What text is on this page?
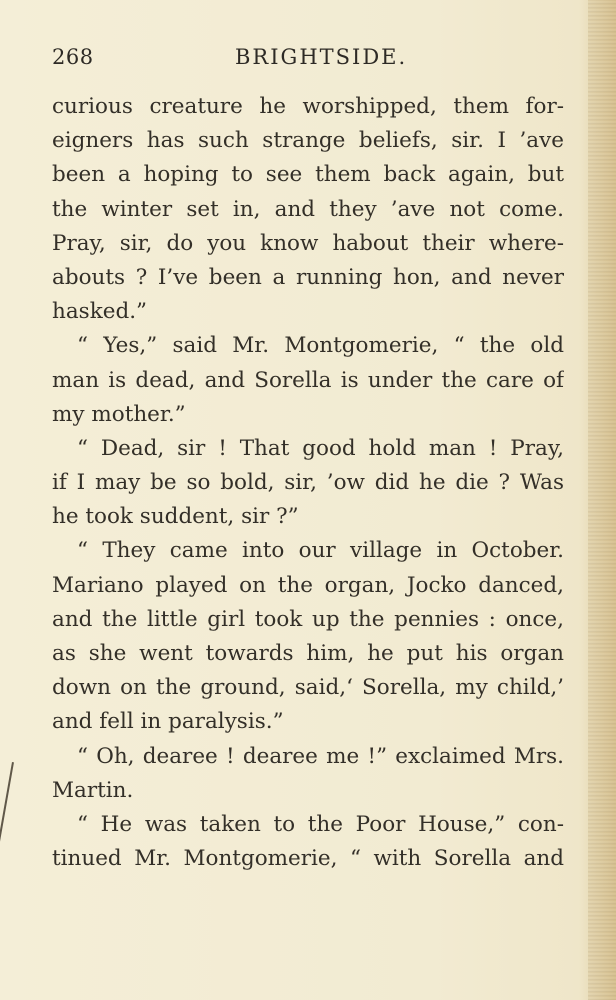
268	BRIGHTSIDE.
curious creature he worshipped, them for-
eigners has such strange beliefs, sir. I ’ave
been a hoping to see them back again, but
the winter set in, and they ’ave not come.
Pray, sir, do you know habout their where-
abouts ? I’ve been a running hon, and never
hasked.”
“ Yes,” said Mr. Montgomerie, “ the old
man is dead, and Sorella is under the care of
my mother.”
“ Dead, sir ! That good hold man ! Pray,
if I may be so bold, sir, ’ow did he die ? Was
he took suddent, sir ?”
“ They came into our village in October.
Mariano played on the organ, Jocko danced,
and the little girl took up the pennies : once,
as she went towards him, he put his organ
down on the ground, said,‘ Sorella, my child,’
and fell in paralysis.”
“ Oh, dearee ! dearee me !” exclaimed Mrs.
Martin.
“ He was taken to the Poor House,” con-
tinued Mr. Montgomerie, “ with Sorella and
